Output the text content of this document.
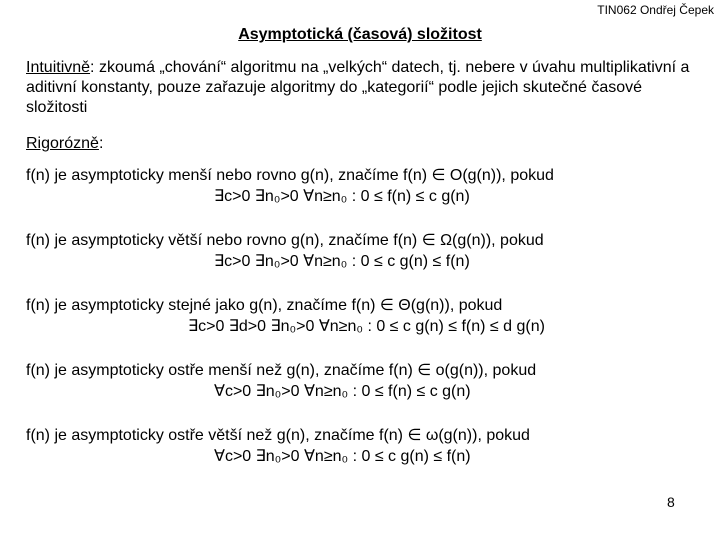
TIN062 Ondřej Čepek
Asymptotická (časová) složitost
Intuitivně: zkoumá „chování“ algoritmu na „velkých“ datech, tj. nebere v úvahu multiplikativní a aditivní konstanty, pouze zařazuje algoritmy do „kategorií“ podle jejich skutečné časové složitosti
Rigorózně:
f(n) je asymptoticky menší nebo rovno g(n), značíme f(n) ∈ O(g(n)), pokud
∃c>0 ∃n₀>0 ∀n≥n₀ : 0 ≤ f(n) ≤ c g(n)
f(n) je asymptoticky větší nebo rovno g(n), značíme f(n) ∈ Ω(g(n)), pokud
∃c>0 ∃n₀>0 ∀n≥n₀ : 0 ≤ c g(n) ≤ f(n)
f(n) je asymptoticky stejné jako g(n), značíme f(n) ∈ Θ(g(n)), pokud
∃c>0 ∃d>0 ∃n₀>0 ∀n≥n₀ : 0 ≤ c g(n) ≤ f(n) ≤ d g(n)
f(n) je asymptoticky ostře menší než g(n), značíme f(n) ∈ o(g(n)), pokud
∀c>0 ∃n₀>0 ∀n≥n₀ : 0 ≤ f(n) ≤ c g(n)
f(n) je asymptoticky ostře větší než g(n), značíme f(n) ∈ ω(g(n)), pokud
∀c>0 ∃n₀>0 ∀n≥n₀ : 0 ≤ c g(n) ≤ f(n)
8
